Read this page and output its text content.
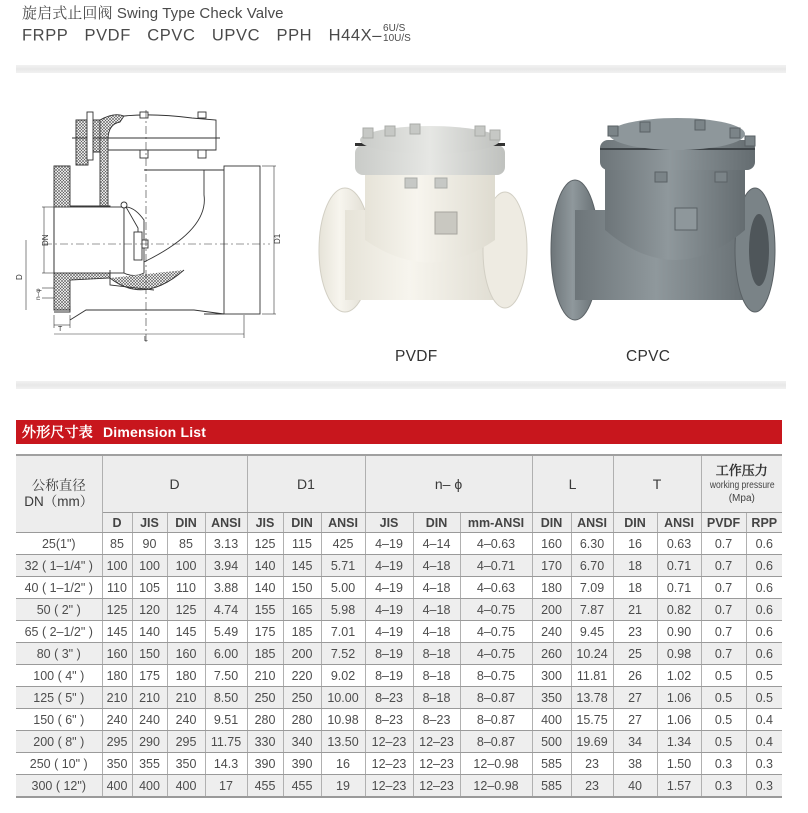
旋启式止回阀 Swing Type Check Valve
FRPP  PVDF  CPVC  UPVC  PPH  H44X– 6U/S
10U/S
DN
D
D1
n–φ
T
L
PVDF	CPVC
外形尺寸表 Dimension List
公称直径
DN（mm）	D				D1			n– ϕ			L		T		工作压力
working pressure
(Mpa)	

	D	JIS	DIN	ANSI	JIS	DIN	ANSI	JIS	DIN	mm-ANSI	DIN	ANSI	DIN	ANSI	PVDF	RPP
25(1")	85	90	85	3.13	125	115	425	4–19	4–14	4–0.63	160	6.30	16	0.63	0.7	0.6
32 ( 1–1/4" )	100	100	100	3.94	140	145	5.71	4–19	4–18	4–0.71	170	6.70	18	0.71	0.7	0.6
40 ( 1–1/2" )	110	105	110	3.88	140	150	5.00	4–19	4–18	4–0.63	180	7.09	18	0.71	0.7	0.6
50 ( 2" )	125	120	125	4.74	155	165	5.98	4–19	4–18	4–0.75	200	7.87	21	0.82	0.7	0.6
65 ( 2–1/2" )	145	140	145	5.49	175	185	7.01	4–19	4–18	4–0.75	240	9.45	23	0.90	0.7	0.6
80 ( 3" )	160	150	160	6.00	185	200	7.52	8–19	8–18	4–0.75	260	10.24	25	0.98	0.7	0.6
100 ( 4" )	180	175	180	7.50	210	220	9.02	8–19	8–18	8–0.75	300	11.81	26	1.02	0.5	0.5
125 ( 5" )	210	210	210	8.50	250	250	10.00	8–23	8–18	8–0.87	350	13.78	27	1.06	0.5	0.5
150 ( 6" )	240	240	240	9.51	280	280	10.98	8–23	8–23	8–0.87	400	15.75	27	1.06	0.5	0.4
200 ( 8" )	295	290	295	11.75	330	340	13.50	12–23	12–23	8–0.87	500	19.69	34	1.34	0.5	0.4
250 ( 10" )	350	355	350	14.3	390	390	16	12–23	12–23	12–0.98	585	23	38	1.50	0.3	0.3
300 ( 12")	400	400	400	17	455	455	19	12–23	12–23	12–0.98	585	23	40	1.57	0.3	0.3
